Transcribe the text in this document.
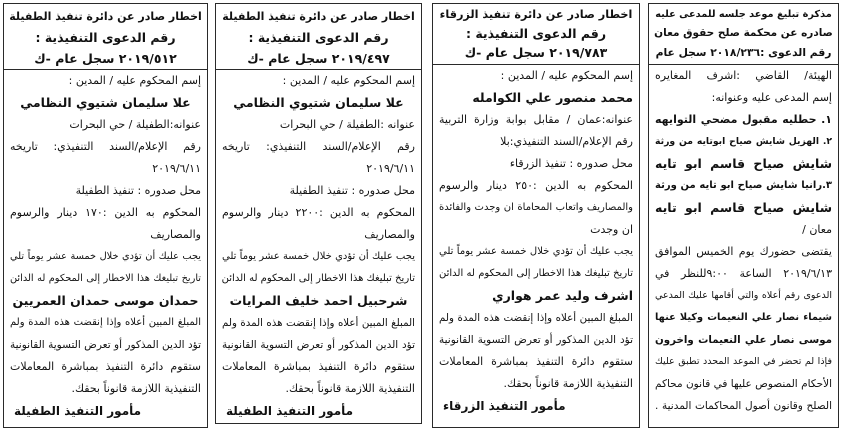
مذكرة تبليغ موعد جلسه للمدعى عليه
صادره عن محكمة صلح حقوق معان
رقم الدعوى :٢٠١٨/٢٣٦ سجل عام
الهيئة/ القاضي :اشرف المغايره
إسم المدعى عليه وعنوانه:
١. حطليه مقبول مضحي التوايهه
٢. الهزيل شايش صياح ابوتايه من ورثة
شايش صياح قاسم ابو تايه
٣.رانيا شايش صياح ابو تايه من ورثة
شايش صياح قاسم ابو تايه
معان /
يقتضى حضورك يوم الخميس الموافق
٢٠١٩/٦/١٣ الساعة ٩:٠٠للنظر في
الدعوى رقم أعلاه والتي أقامها عليك المدعي
شيماء نصار علي النعيمات وكيلا عنها
موسى نصار علي النعيمات واخرون
فإذا لم تحضر في الموعد المحدد تطبق عليك
الأحكام المنصوص عليها في قانون محاكم
الصلح وقانون أصول المحاكمات المدنية .
اخطار صادر عن دائرة تنفيذ الزرقاء
رقم الدعوى التنفيذية :
٢٠١٩/٧٨٣ سجل عام -ك
إسم المحكوم عليه / المدين :
محمد منصور علي الكوامله
عنوانه:عمان / مقابل بوابة وزارة التربية
رقم الإعلام/السند التنفيذي:بلا
محل صدوره : تنفيذ الزرقاء
المحكوم به الدين :٢٥٠ دينار والرسوم
والمصاريف واتعاب المحاماة ان وجدت والفائدة
ان وجدت
يجب عليك أن تؤدي خلال خمسة عشر يوماً تلي
تاريخ تبليغك هذا الاخطار إلى المحكوم له الدائن
اشرف وليد عمر هواري
المبلغ المبين أعلاه وإذا إنقضت هذه المدة ولم
تؤد الدين المذكور أو تعرض التسوية القانونية
ستقوم دائرة التنفيذ بمباشرة المعاملات
التنفيذية اللازمة قانوناً بحقك.
مأمور التنفيذ الزرقاء
اخطار صادر عن دائرة تنفيذ الطفيلة
رقم الدعوى التنفيذية :
٢٠١٩/٤٩٧ سجل عام -ك
إسم المحكوم عليه / المدين :
علا سليمان شتيوي النظامي
عنوانه :الطفيلة / حي البحرات
رقم الإعلام/السند التنفيذي: تاريخه
٢٠١٩/٦/١١
محل صدوره : تنفيذ الطفيلة
المحكوم به الدين :٢٢٠٠ دينار والرسوم
والمصاريف
يجب عليك أن تؤدي خلال خمسة عشر يوماً تلي
تاريخ تبليغك هذا الاخطار إلى المحكوم له الدائن
شرحبيل احمد خليف المرايات
المبلغ المبين أعلاه وإذا إنقضت هذه المدة ولم
تؤد الدين المذكور أو تعرض التسوية القانونية
ستقوم دائرة التنفيذ بمباشرة المعاملات
التنفيذية اللازمة قانوناً بحقك.
مأمور التنفيذ الطفيلة
اخطار صادر عن دائرة تنفيذ الطفيلة
رقم الدعوى التنفيذية :
٢٠١٩/٥١٢ سجل عام -ك
إسم المحكوم عليه / المدين :
علا سليمان شتيوي النظامي
عنوانه:الطفيلة / حي البحرات
رقم الإعلام/السند التنفيذي: تاريخه
٢٠١٩/٦/١١
محل صدوره : تنفيذ الطفيلة
المحكوم به الدين :١٧٠ دينار والرسوم
والمصاريف
يجب عليك أن تؤدي خلال خمسة عشر يوماً تلي
تاريخ تبليغك هذا الاخطار إلى المحكوم له الدائن
حمدان موسى حمدان العمريين
المبلغ المبين أعلاه وإذا إنقضت هذه المدة ولم
تؤد الدين المذكور أو تعرض التسوية القانونية
ستقوم دائرة التنفيذ بمباشرة المعاملات
التنفيذية اللازمة قانوناً بحقك.
مأمور التنفيذ الطفيلة
